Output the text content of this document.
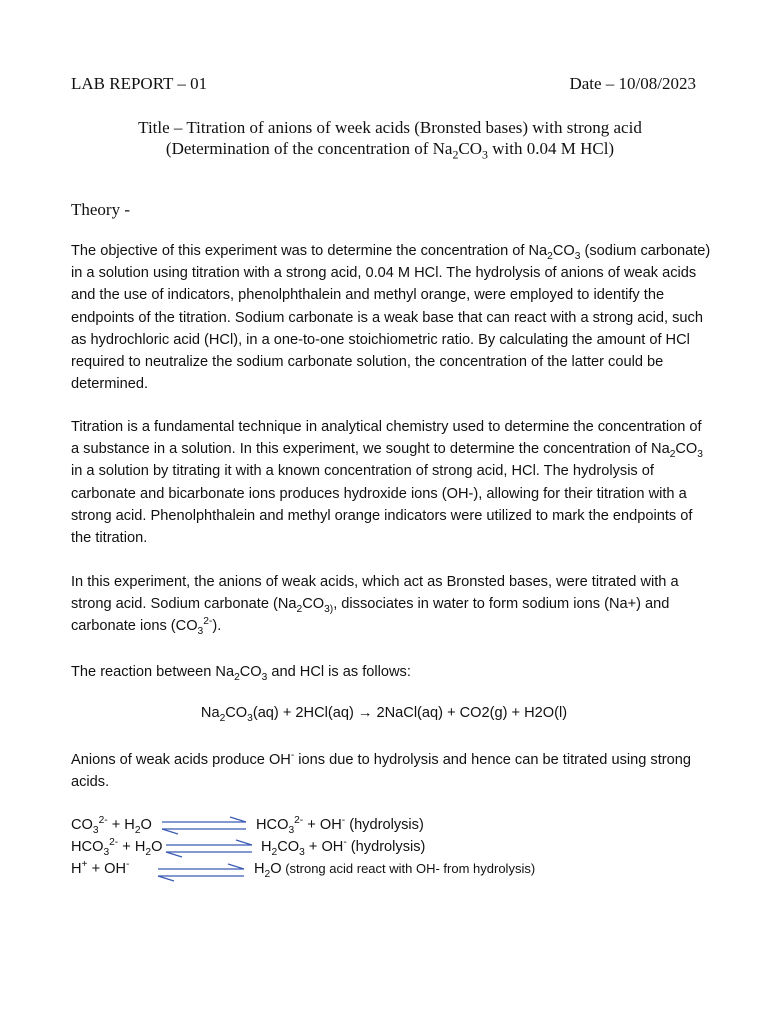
LAB REPORT – 01	Date – 10/08/2023
Title – Titration of anions of week acids (Bronsted bases) with strong acid
(Determination of the concentration of $Na_2CO_3$ with 0.04 M HCl)
Theory -
The objective of this experiment was to determine the concentration of $Na_2CO_3$ (sodium carbonate) in a solution using titration with a strong acid, 0.04 M HCl. The hydrolysis of anions of weak acids and the use of indicators, phenolphthalein and methyl orange, were employed to identify the endpoints of the titration. Sodium carbonate is a weak base that can react with a strong acid, such as hydrochloric acid (HCl), in a one-to-one stoichiometric ratio. By calculating the amount of HCl required to neutralize the sodium carbonate solution, the concentration of the latter could be determined.
Titration is a fundamental technique in analytical chemistry used to determine the concentration of a substance in a solution. In this experiment, we sought to determine the concentration of $Na_2CO_3$ in a solution by titrating it with a known concentration of strong acid, HCl. The hydrolysis of carbonate and bicarbonate ions produces hydroxide ions (OH-), allowing for their titration with a strong acid. Phenolphthalein and methyl orange indicators were utilized to mark the endpoints of the titration.
In this experiment, the anions of weak acids, which act as Bronsted bases, were titrated with a strong acid. Sodium carbonate ($Na_2CO_{3)}$, dissociates in water to form sodium ions (Na+) and carbonate ions $(CO_3^{2-})$.
The reaction between $Na_2CO_3$ and HCl is as follows:
$Na_2CO_3(aq) + 2HCl(aq)$ → 2NaCl(aq) + CO2(g) + H2O(l)
Anions of weak acids produce OH- ions due to hydrolysis and hence can be titrated using strong acids.
$CO_3^{2-} + H_2O$	$HCO_3^{2-} + OH^-$ (hydrolysis)
$HCO_3^{2-} + H_2O$	$H_2CO_3 + OH^-$ (hydrolysis)
H+ + OH-	$H_2O$ (strong acid react with OH- from hydrolysis)
